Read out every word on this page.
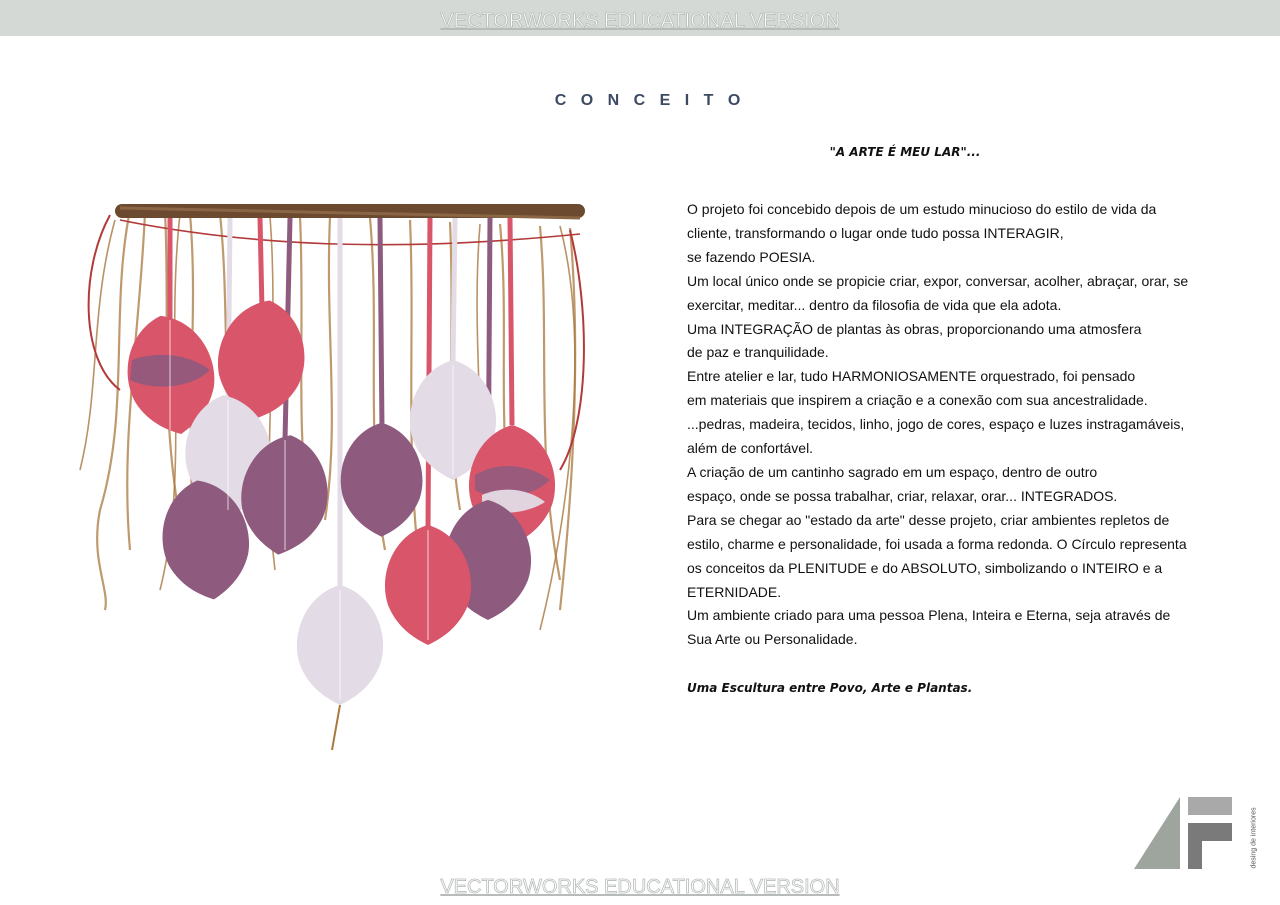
VECTORWORKS EDUCATIONAL VERSION
C O N C E I T O
"A ARTE É MEU LAR"...

O projeto foi concebido depois de um estudo minucioso do estilo de vida da

cliente, transformando o lugar onde tudo possa INTERAGIR,

se fazendo POESIA.

Um local único onde se propicie criar, expor, conversar, acolher, abraçar, orar, se

exercitar, meditar... dentro da filosofia de vida que ela adota.

Uma INTEGRAÇÃO de plantas às obras, proporcionando uma atmosfera

de paz e tranquilidade.

Entre atelier e lar, tudo HARMONIOSAMENTE orquestrado, foi pensado

em materiais que inspirem a criação e a conexão com sua ancestralidade.

...pedras, madeira, tecidos, linho, jogo de cores, espaço e luzes instragamáveis,

além de confortável.

A criação de um cantinho sagrado em um espaço, dentro de outro

espaço, onde se possa trabalhar, criar, relaxar, orar... INTEGRADOS.

Para se chegar ao "estado da arte" desse projeto, criar ambientes repletos de

estilo, charme e personalidade, foi usada a forma redonda. O Círculo representa

os conceitos da PLENITUDE e do ABSOLUTO, simbolizando o INTEIRO e a

ETERNIDADE.

Um ambiente criado para uma pessoa Plena, Inteira e Eterna, seja através de

Sua Arte ou Personalidade.

Uma Escultura entre Povo, Arte e Plantas.
desing de interiores
VECTORWORKS EDUCATIONAL VERSION
